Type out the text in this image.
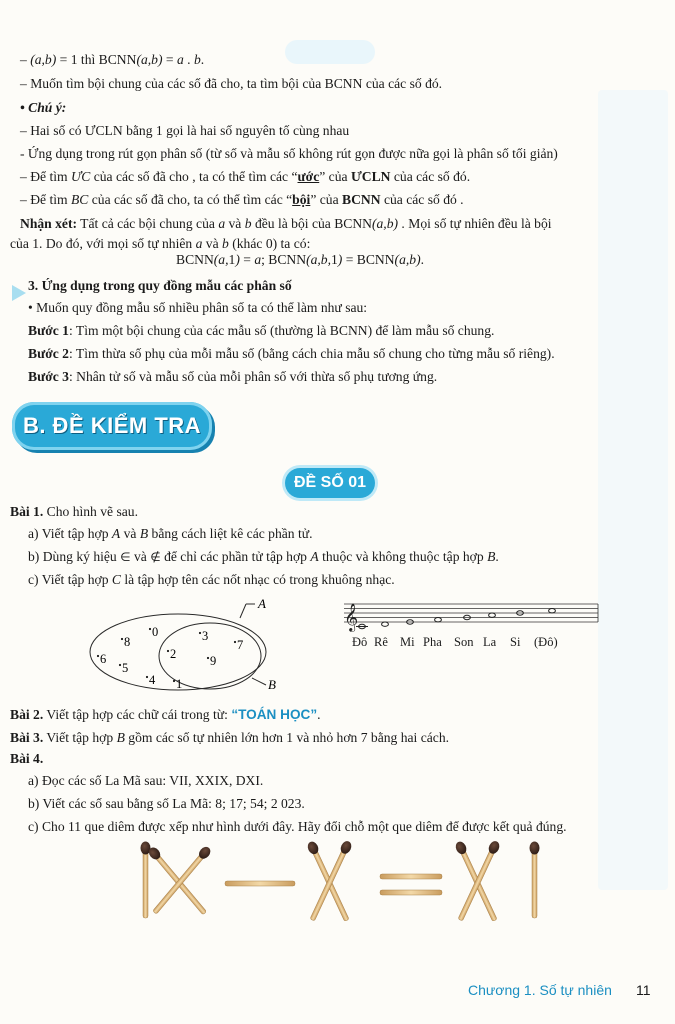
– (a,b) = 1 thì BCNN(a,b) = a . b.
– Muốn tìm bội chung của các số đã cho, ta tìm bội của BCNN của các số đó.
• Chú ý:
– Hai số có ƯCLN bằng 1 gọi là hai số nguyên tố cùng nhau
- Ứng dụng trong rút gọn phân số (từ số và mẫu số không rút gọn được nữa gọi là phân số tối giản)
– Để tìm ƯC của các số đã cho , ta có thể tìm các “ước” của ƯCLN của các số đó.
– Để tìm BC của các số đã cho, ta có thể tìm các “bội” của BCNN của các số đó .
Nhận xét: Tất cả các bội chung của a và b đều là bội của BCNN(a,b) . Mọi số tự nhiên đều là bội
của 1. Do đó, với mọi số tự nhiên a và b (khác 0) ta có:
BCNN(a,1) = a; BCNN(a,b,1) = BCNN(a,b).
3. Ứng dụng trong quy đồng mẫu các phân số
• Muốn quy đồng mẫu số nhiều phân số ta có thể làm như sau:
Bước 1: Tìm một bội chung của các mẫu số (thường là BCNN) để làm mẫu số chung.
Bước 2: Tìm thừa số phụ của mỗi mẫu số (bằng cách chia mẫu số chung cho từng mẫu số riêng).
Bước 3: Nhân tử số và mẫu số của mỗi phân số với thừa số phụ tương ứng.
B. ĐỀ KIỂM TRA
ĐỀ SỐ 01
Bài 1. Cho hình vẽ sau.
a) Viết tập hợp A và B bằng cách liệt kê các phần tử.
b) Dùng ký hiệu ∈ và ∉ để chỉ các phần tử tập hợp A thuộc và không thuộc tập hợp B.
c) Viết tập hợp C là tập hợp tên các nốt nhạc có trong khuông nhạc.
A
B
8
0	3
7
2	9
6
5
4 1
𝄞
Đô Rê Mi Pha Son La Si (Đô)
Bài 2. Viết tập hợp các chữ cái trong từ: “TOÁN HỌC”.
Bài 3. Viết tập hợp B gồm các số tự nhiên lớn hơn 1 và nhỏ hơn 7 bằng hai cách.
Bài 4.
a) Đọc các số La Mã sau: VII, XXIX, DXI.
b) Viết các số sau bằng số La Mã: 8; 17; 54; 2 023.
c) Cho 11 que diêm được xếp như hình dưới đây. Hãy đổi chỗ một que diêm để được kết quả đúng.
Chương 1. Số tự nhiên 11
